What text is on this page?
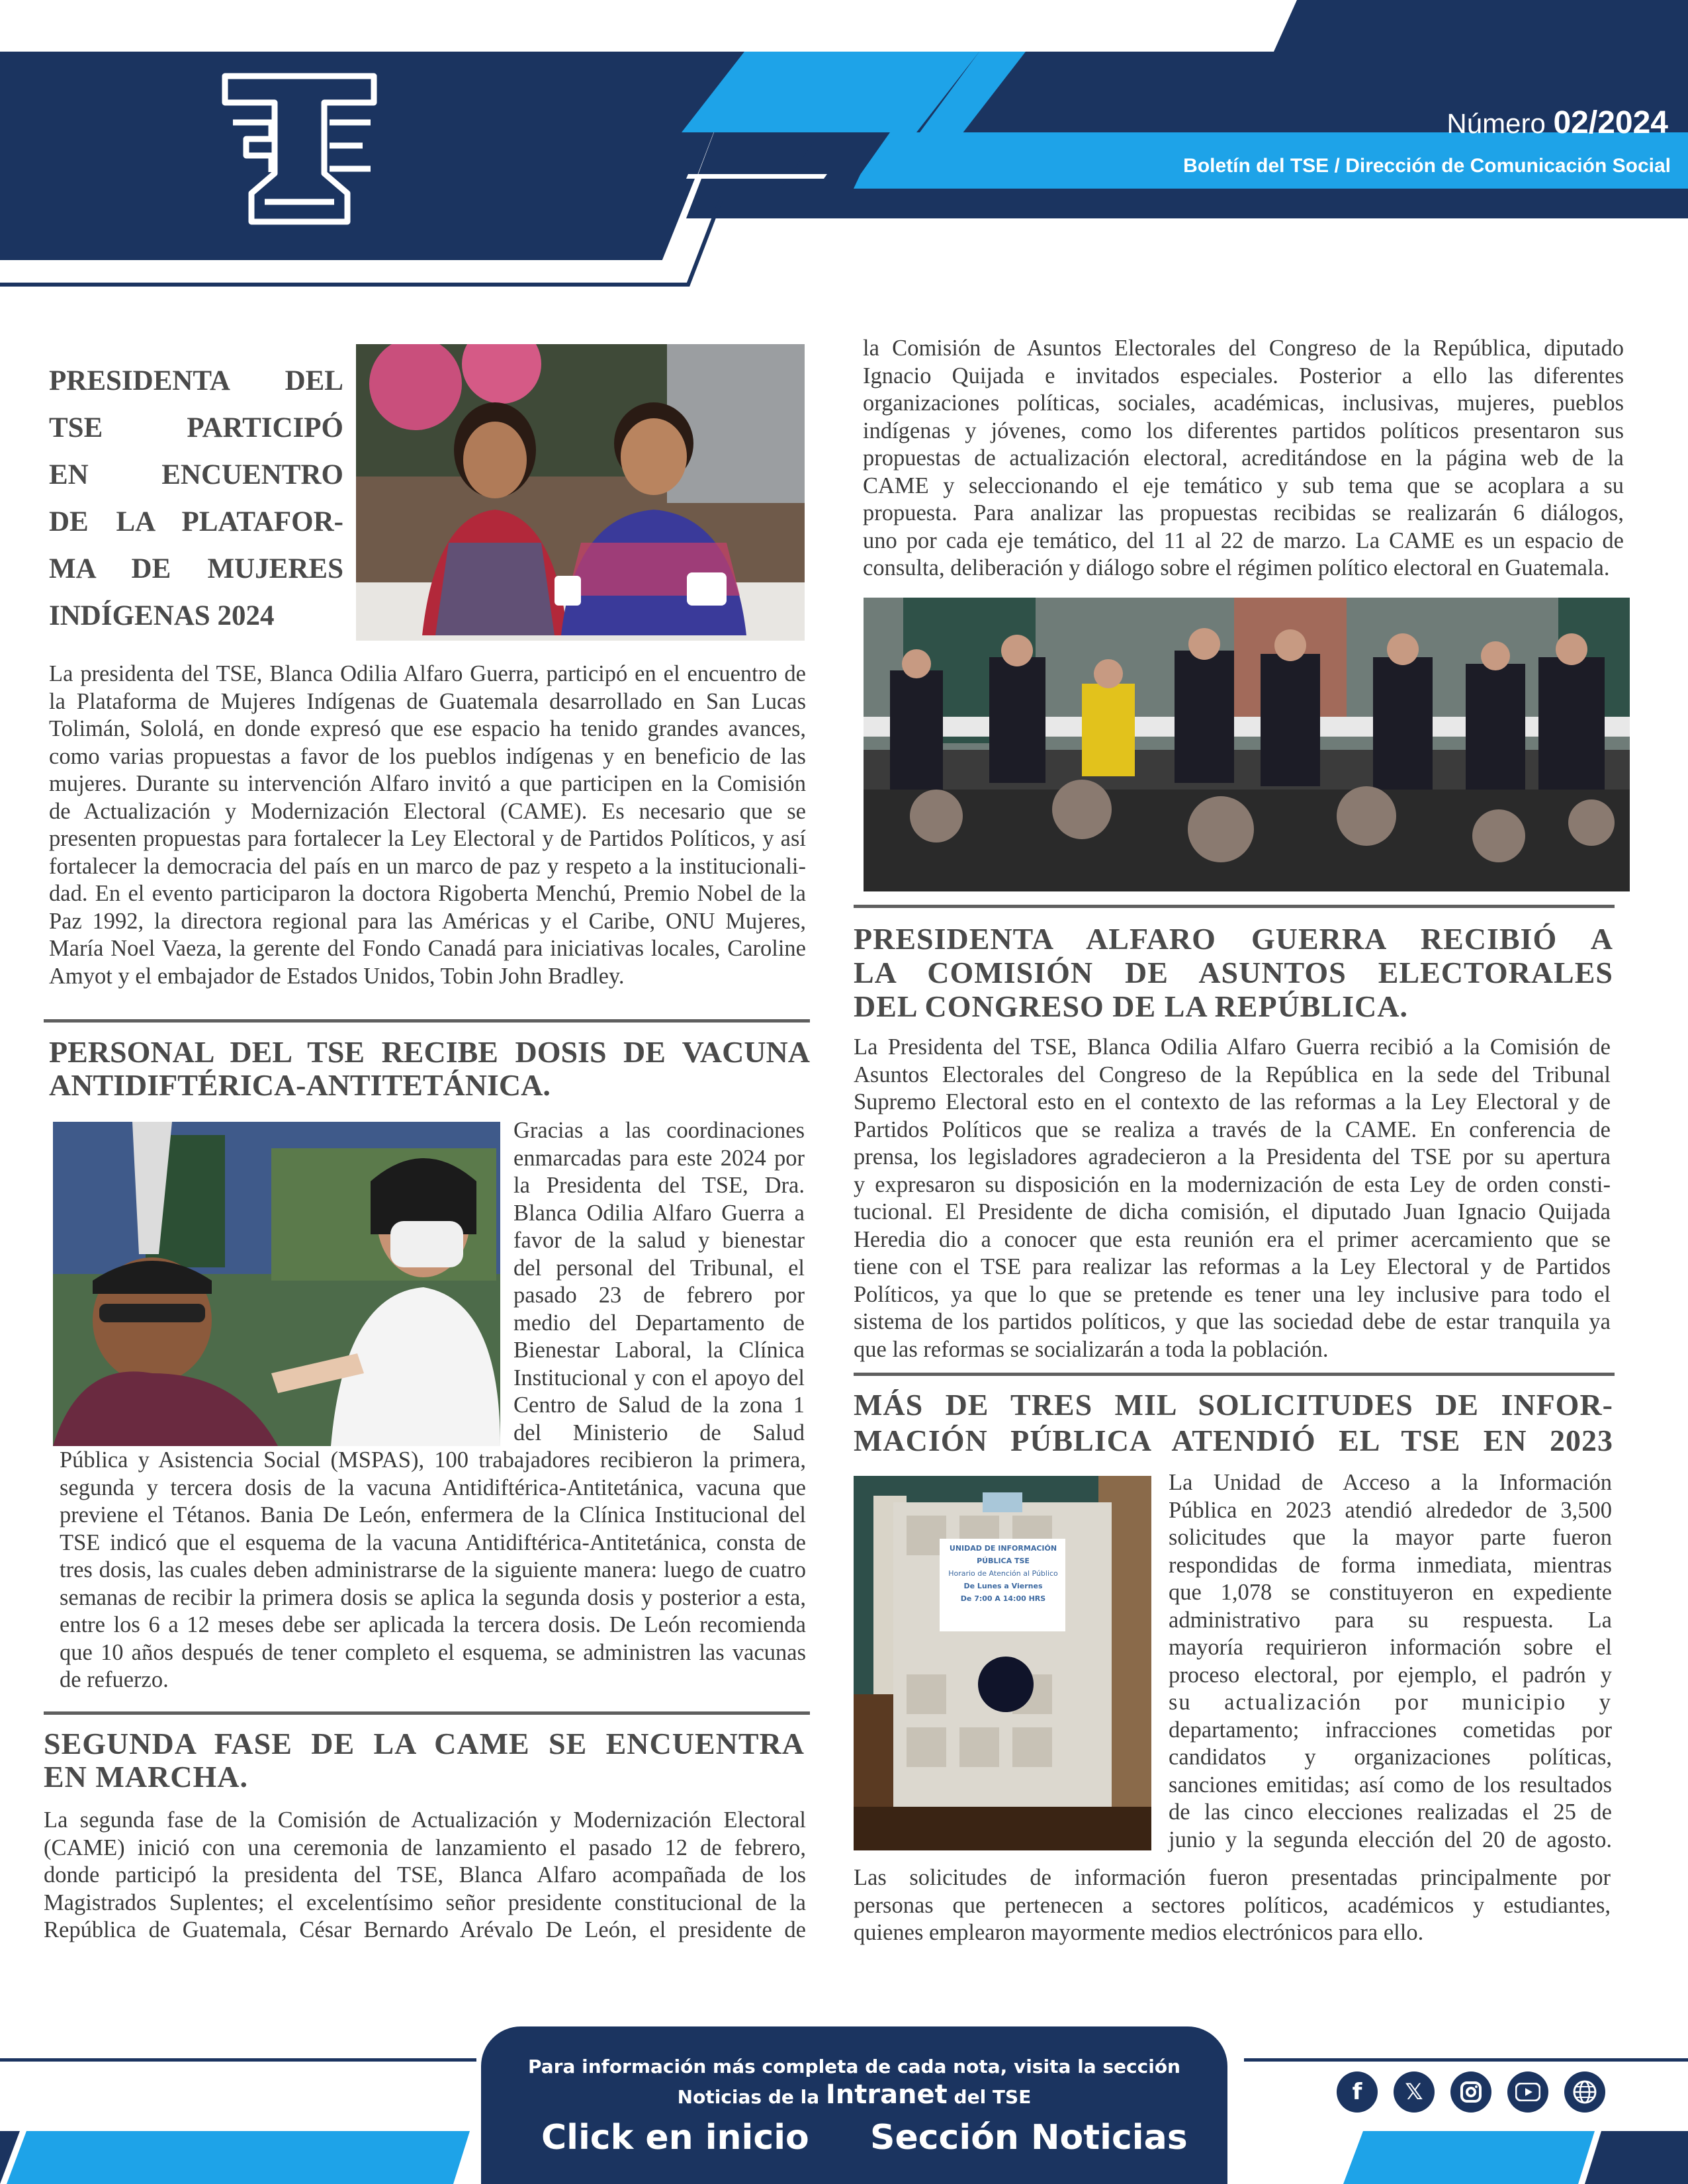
Número 02/2024
Boletín del TSE / Dirección de Comunicación Social
PRESIDENTA DEL
TSE PARTICIPÓ
EN ENCUENTRO
DE LA PLATAFOR-
MA DE MUJERES
INDÍGENAS 2024
La presidenta del TSE, Blanca Odilia Alfaro Guerra, participó en el encuentro de
la Plataforma de Mujeres Indígenas de Guatemala desarrollado en San Lucas
Tolimán, Sololá, en donde expresó que ese espacio ha tenido grandes avances,
como varias propuestas a favor de los pueblos indígenas y en beneficio de las
mujeres. Durante su intervención Alfaro invitó a que participen en la Comisión
de Actualización y Modernización Electoral (CAME). Es necesario que se
presenten propuestas para fortalecer la Ley Electoral y de Partidos Políticos, y así
fortalecer la democracia del país en un marco de paz y respeto a la institucionali-
dad. En el evento participaron la doctora Rigoberta Menchú, Premio Nobel de la
Paz 1992, la directora regional para las Américas y el Caribe, ONU Mujeres,
María Noel Vaeza, la gerente del Fondo Canadá para iniciativas locales, Caroline
Amyot y el embajador de Estados Unidos, Tobin John Bradley.
PERSONAL DEL TSE RECIBE DOSIS DE VACUNA
ANTIDIFTÉRICA-ANTITETÁNICA.
Gracias a las coordinaciones
enmarcadas para este 2024 por
la Presidenta del TSE, Dra.
Blanca Odilia Alfaro Guerra a
favor de la salud y bienestar
del personal del Tribunal, el
pasado 23 de febrero por
medio del Departamento de
Bienestar Laboral, la Clínica
Institucional y con el apoyo del
Centro de Salud de la zona 1
del Ministerio de Salud
Pública y Asistencia Social (MSPAS), 100 trabajadores recibieron la primera,
segunda y tercera dosis de la vacuna Antidiftérica-Antitetánica, vacuna que
previene el Tétanos. Bania De León, enfermera de la Clínica Institucional del
TSE indicó que el esquema de la vacuna Antidiftérica-Antitetánica, consta de
tres dosis, las cuales deben administrarse de la siguiente manera: luego de cuatro
semanas de recibir la primera dosis se aplica la segunda dosis y posterior a esta,
entre los 6 a 12 meses debe ser aplicada la tercera dosis. De León recomienda
que 10 años después de tener completo el esquema, se administren las vacunas
de refuerzo.
SEGUNDA FASE DE LA CAME SE ENCUENTRA
EN MARCHA.
La segunda fase de la Comisión de Actualización y Modernización Electoral
(CAME) inició con una ceremonia de lanzamiento el pasado 12 de febrero,
donde participó la presidenta del TSE, Blanca Alfaro acompañada de los
Magistrados Suplentes; el excelentísimo señor presidente constitucional de la
República de Guatemala, César Bernardo Arévalo De León, el presidente de
la Comisión de Asuntos Electorales del Congreso de la República, diputado
Ignacio Quijada e invitados especiales. Posterior a ello las diferentes
organizaciones políticas, sociales, académicas, inclusivas, mujeres, pueblos
indígenas y jóvenes, como los diferentes partidos políticos presentaron sus
propuestas de actualización electoral, acreditándose en la página web de la
CAME y seleccionando el eje temático y sub tema que se acoplara a su
propuesta. Para analizar las propuestas recibidas se realizarán 6 diálogos,
uno por cada eje temático, del 11 al 22 de marzo. La CAME es un espacio de
consulta, deliberación y diálogo sobre el régimen político electoral en Guatemala.
PRESIDENTA ALFARO GUERRA RECIBIÓ A
LA COMISIÓN DE ASUNTOS ELECTORALES
DEL CONGRESO DE LA REPÚBLICA.
La Presidenta del TSE, Blanca Odilia Alfaro Guerra recibió a la Comisión de
Asuntos Electorales del Congreso de la República en la sede del Tribunal
Supremo Electoral esto en el contexto de las reformas a la Ley Electoral y de
Partidos Políticos que se realiza a través de la CAME. En conferencia de
prensa, los legisladores agradecieron a la Presidenta del TSE por su apertura
y expresaron su disposición en la modernización de esta Ley de orden consti-
tucional. El Presidente de dicha comisión, el diputado Juan Ignacio Quijada
Heredia dio a conocer que esta reunión era el primer acercamiento que se
tiene con el TSE para realizar las reformas a la Ley Electoral y de Partidos
Políticos, ya que lo que se pretende es tener una ley inclusive para todo el
sistema de los partidos políticos, y que las sociedad debe de estar tranquila ya
que las reformas se socializarán a toda la población.
MÁS DE TRES MIL SOLICITUDES DE INFOR-
MACIÓN PÚBLICA ATENDIÓ EL TSE EN 2023
UNIDAD DE INFORMACIÓN
PÚBLICA TSE
Horario de Atención al Público
De Lunes a Viernes
De 7:00 A 14:00 HRS
La Unidad de Acceso a la Información
Pública en 2023 atendió alrededor de 3,500
solicitudes que la mayor parte fueron
respondidas de forma inmediata, mientras
que 1,078 se constituyeron en expediente
administrativo para su respuesta. La
mayoría requirieron información sobre el
proceso electoral, por ejemplo, el padrón y
su actualización por municipio y
departamento; infracciones cometidas por
candidatos y organizaciones políticas,
sanciones emitidas; así como de los resultados
de las cinco elecciones realizadas el 25 de
junio y la segunda elección del 20 de agosto.
Las solicitudes de información fueron presentadas principalmente por
personas que pertenecen a sectores políticos, académicos y estudiantes,
quienes emplearon mayormente medios electrónicos para ello.
Para información más completa de cada nota, visita la sección
Noticias de la Intranet del TSE
Click en inicio Sección Noticias
f	𝕏
